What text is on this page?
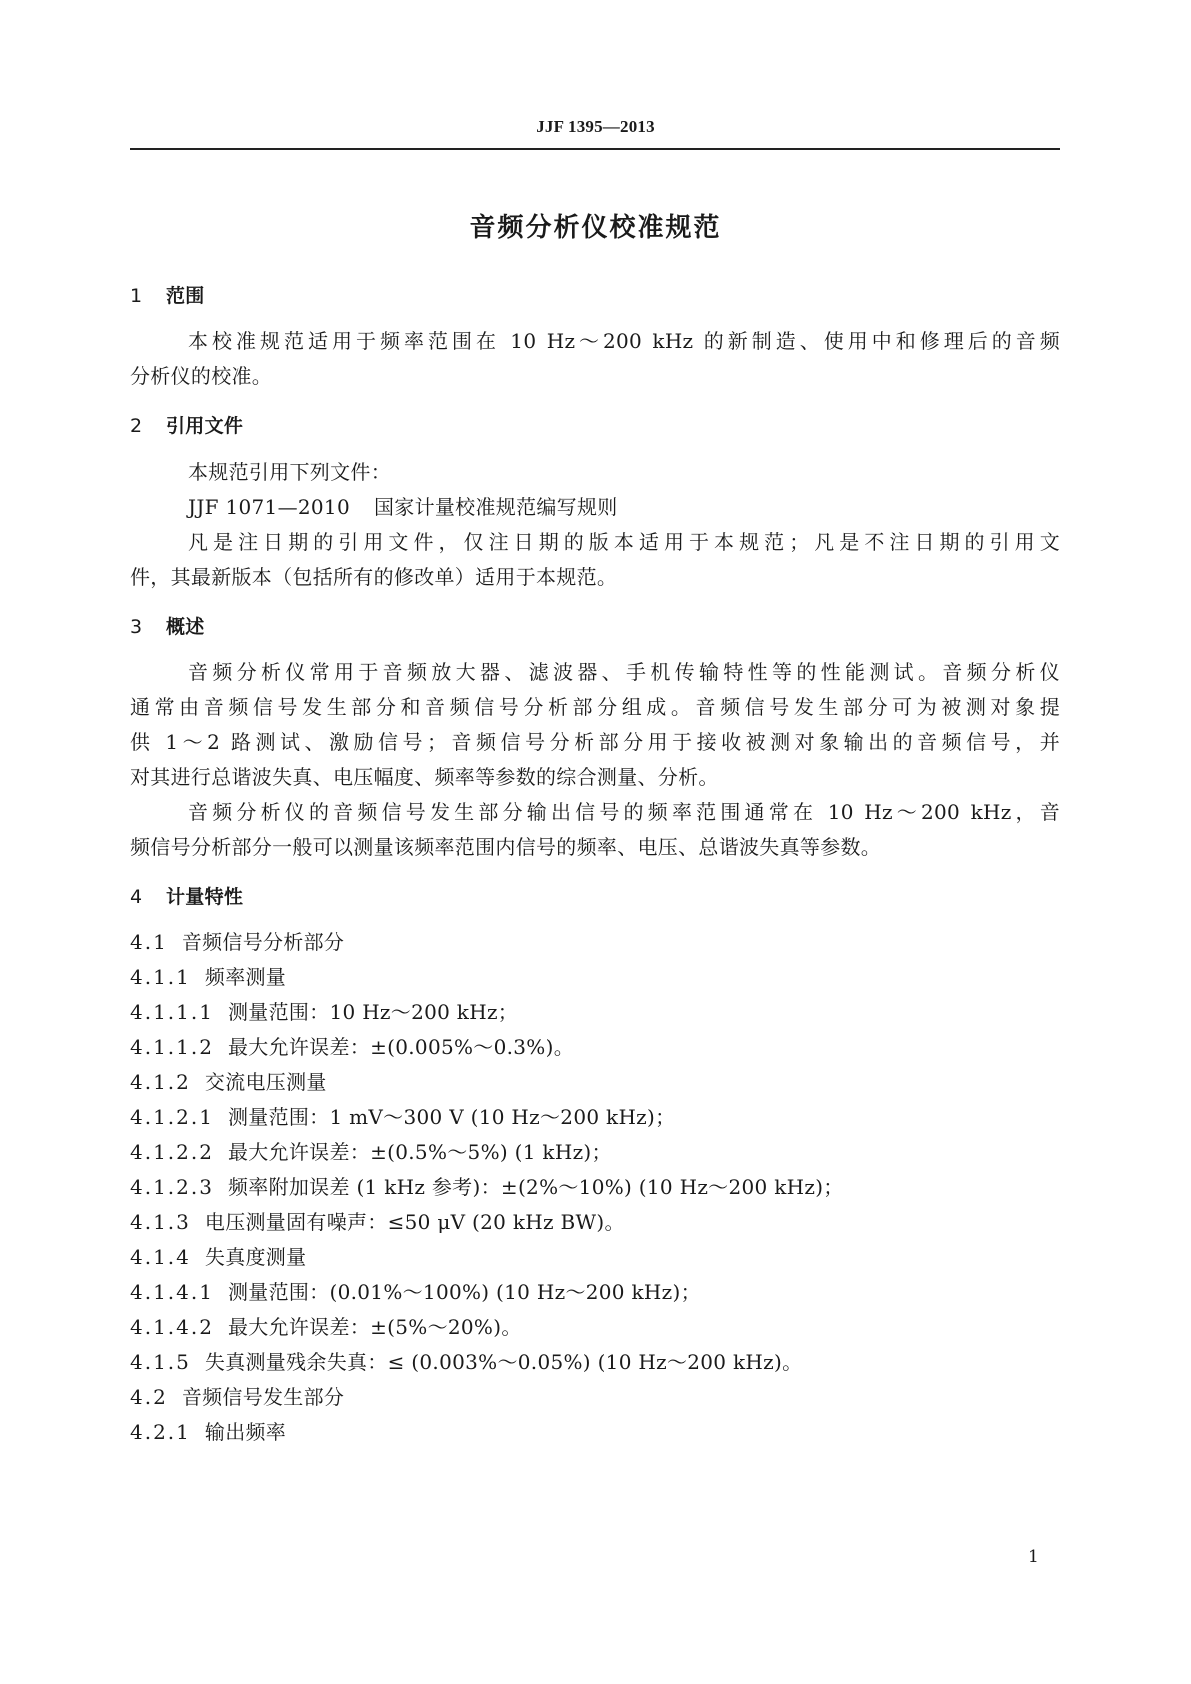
JJF 1395—2013
音频分析仪校准规范
1 范围
本校准规范适用于频率范围在 10 Hz～200 kHz 的新制造、使用中和修理后的音频
分析仪的校准。
2 引用文件
本规范引用下列文件：
JJF 1071—2010 国家计量校准规范编写规则
凡是注日期的引用文件，仅注日期的版本适用于本规范；凡是不注日期的引用文
件，其最新版本（包括所有的修改单）适用于本规范。
3 概述
音频分析仪常用于音频放大器、滤波器、手机传输特性等的性能测试。音频分析仪
通常由音频信号发生部分和音频信号分析部分组成。音频信号发生部分可为被测对象提
供 1～2 路测试、激励信号；音频信号分析部分用于接收被测对象输出的音频信号，并
对其进行总谐波失真、电压幅度、频率等参数的综合测量、分析。
音频分析仪的音频信号发生部分输出信号的频率范围通常在 10 Hz～200 kHz，音
频信号分析部分一般可以测量该频率范围内信号的频率、电压、总谐波失真等参数。
4 计量特性
4.1 音频信号分析部分
4.1.1 频率测量
4.1.1.1 测量范围：10 Hz～200 kHz；
4.1.1.2 最大允许误差：±(0.005%～0.3%)。
4.1.2 交流电压测量
4.1.2.1 测量范围：1 mV～300 V (10 Hz～200 kHz)；
4.1.2.2 最大允许误差：±(0.5%～5%) (1 kHz)；
4.1.2.3 频率附加误差 (1 kHz 参考)：±(2%～10%) (10 Hz～200 kHz)；
4.1.3 电压测量固有噪声：≤50 μV (20 kHz BW)。
4.1.4 失真度测量
4.1.4.1 测量范围：(0.01%～100%) (10 Hz～200 kHz)；
4.1.4.2 最大允许误差：±(5%～20%)。
4.1.5 失真测量残余失真：≤ (0.003%～0.05%) (10 Hz～200 kHz)。
4.2 音频信号发生部分
4.2.1 输出频率
1
